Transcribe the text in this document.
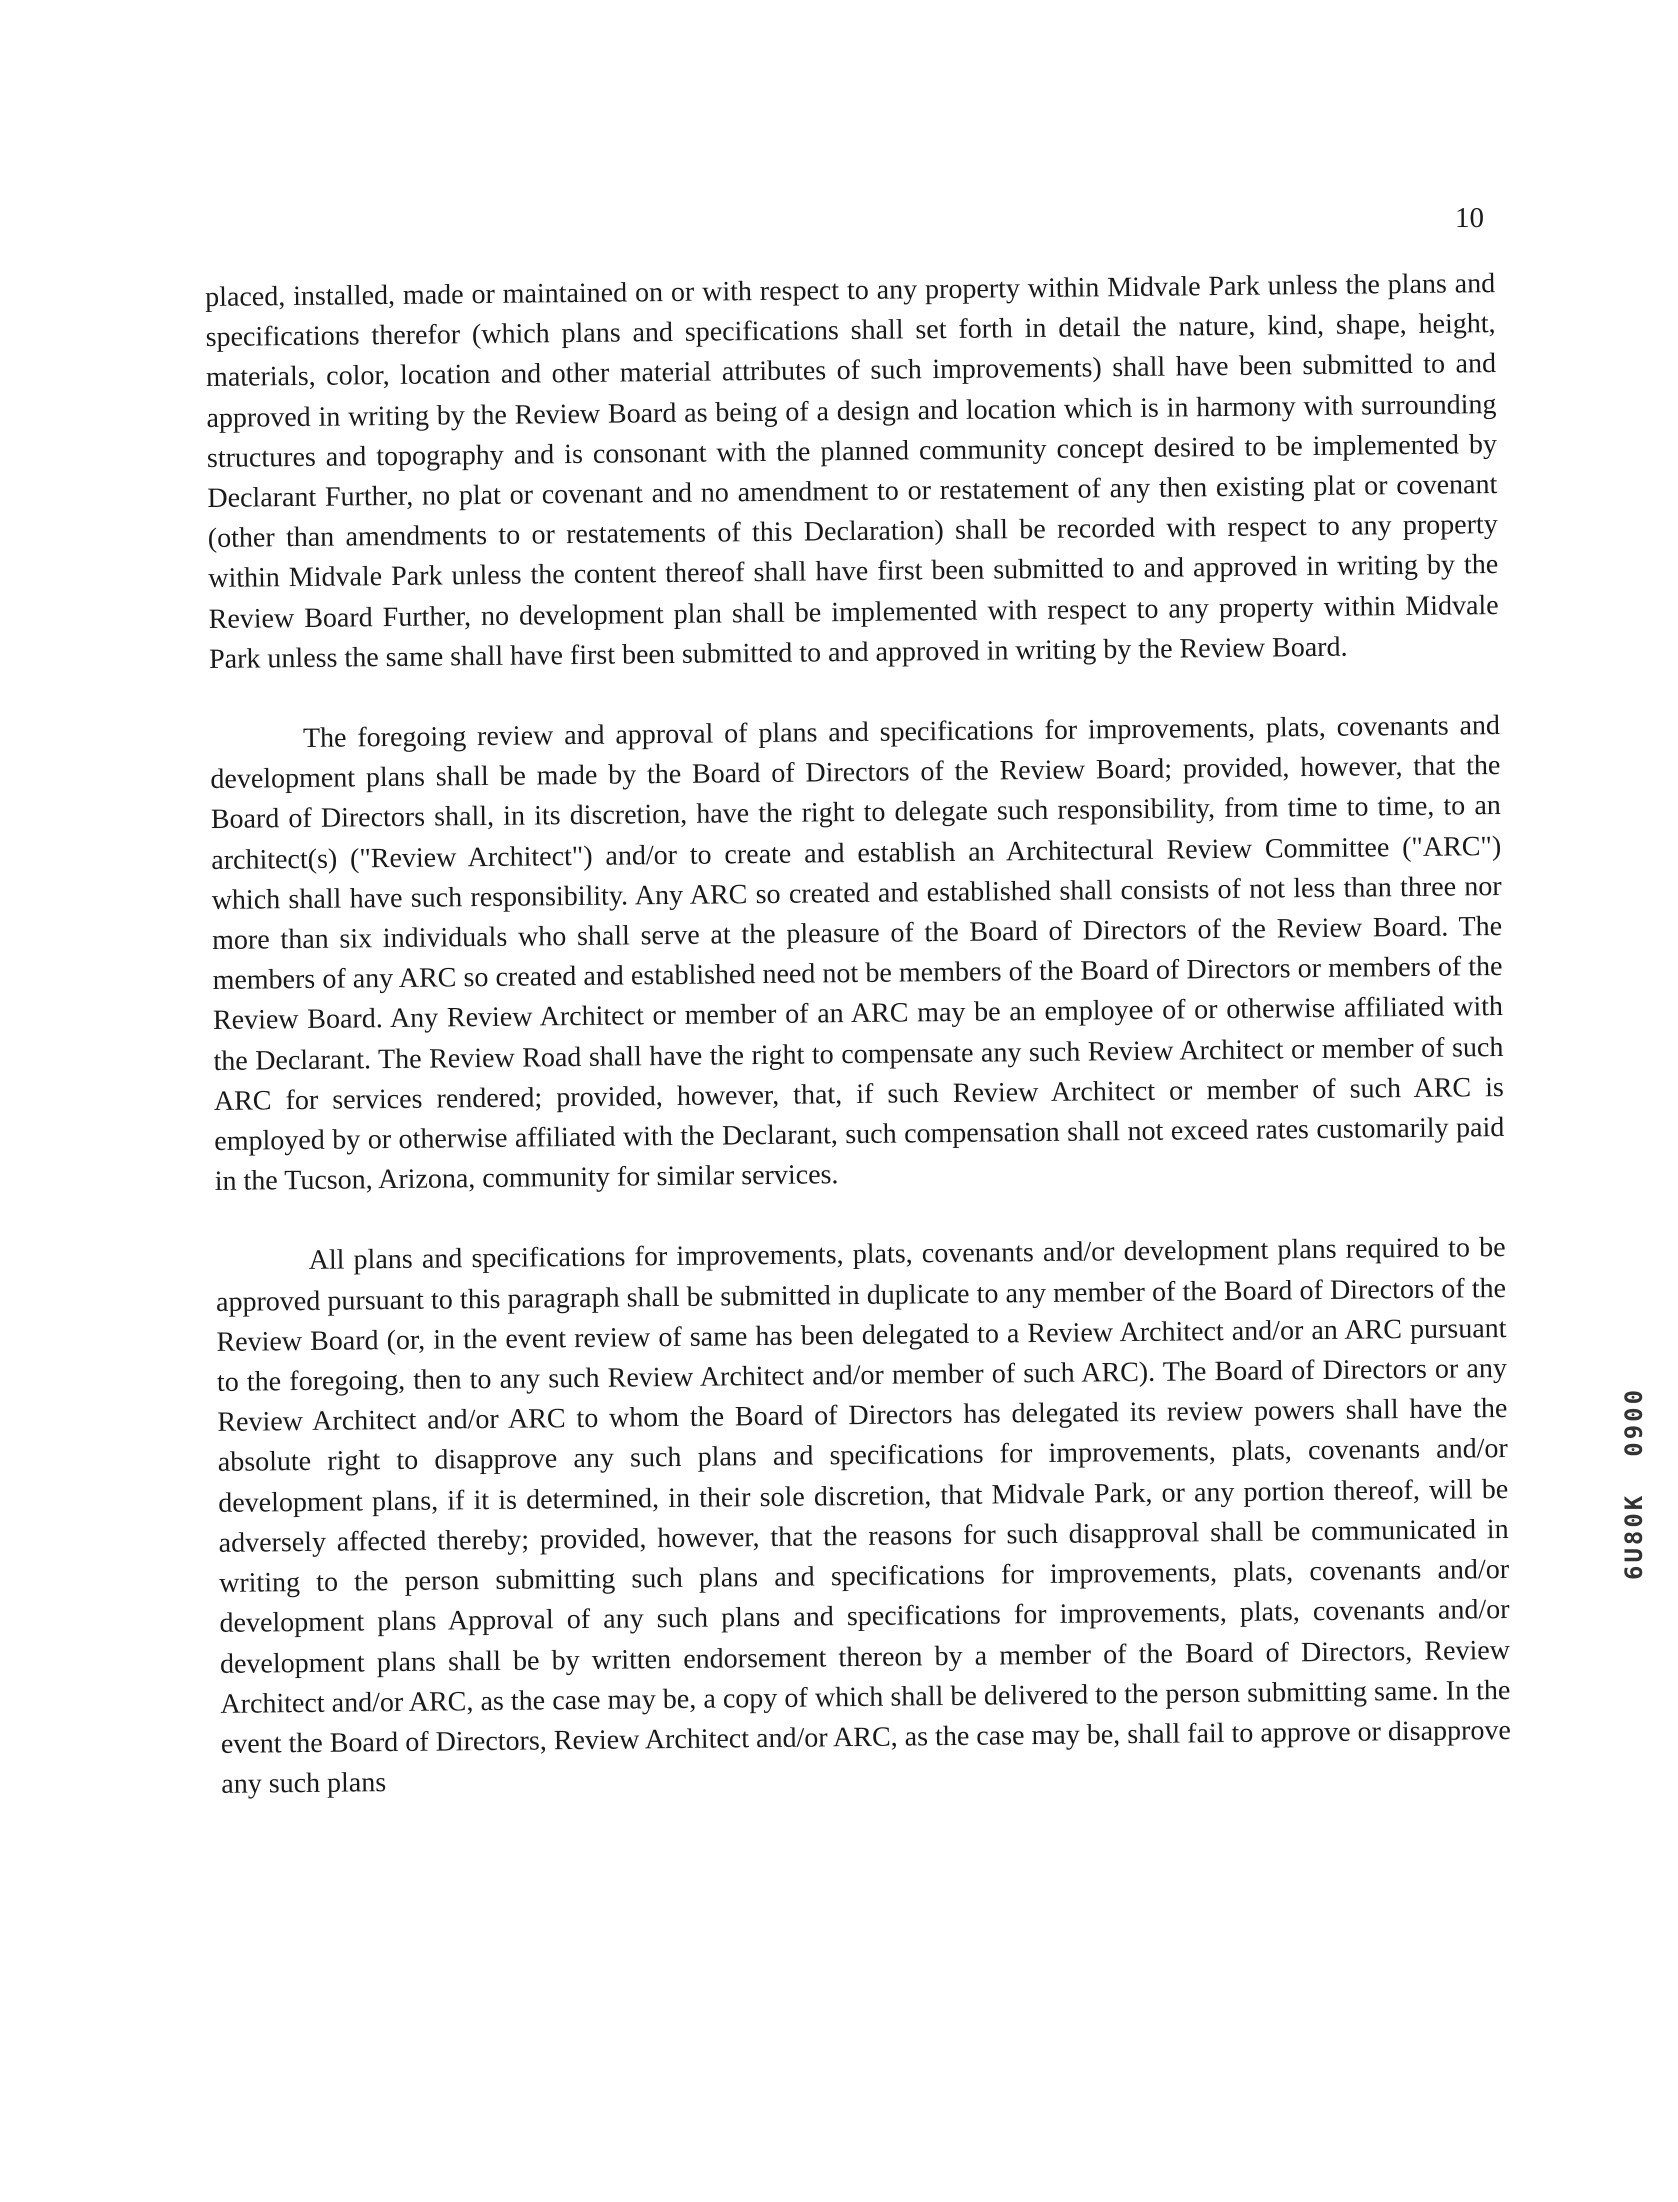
10

placed, installed, made or maintained on or with respect to any property within Midvale Park unless the plans and specifications therefor (which plans and specifications shall set forth in detail the nature, kind, shape, height, materials, color, location and other material attributes of such improvements) shall have been submitted to and approved in writing by the Review Board as being of a design and location which is in harmony with surrounding structures and topography and is consonant with the planned community concept desired to be implemented by Declarant Further, no plat or covenant and no amendment to or restatement of any then existing plat or covenant (other than amendments to or restatements of this Declaration) shall be recorded with respect to any property within Midvale Park unless the content thereof shall have first been submitted to and approved in writing by the Review Board Further, no development plan shall be implemented with respect to any property within Midvale Park unless the same shall have first been submitted to and approved in writing by the Review Board.

The foregoing review and approval of plans and specifications for improvements, plats, covenants and development plans shall be made by the Board of Directors of the Review Board; provided, however, that the Board of Directors shall, in its discretion, have the right to delegate such responsibility, from time to time, to an architect(s) ("Review Architect") and/or to create and establish an Architectural Review Committee ("ARC") which shall have such responsibility. Any ARC so created and established shall consists of not less than three nor more than six individuals who shall serve at the pleasure of the Board of Directors of the Review Board. The members of any ARC so created and established need not be members of the Board of Directors or members of the Review Board. Any Review Architect or member of an ARC may be an employee of or otherwise affiliated with the Declarant. The Review Road shall have the right to compensate any such Review Architect or member of such ARC for services rendered; provided, however, that, if such Review Architect or member of such ARC is employed by or otherwise affiliated with the Declarant, such compensation shall not exceed rates customarily paid in the Tucson, Arizona, community for similar services.

All plans and specifications for improvements, plats, covenants and/or development plans required to be approved pursuant to this paragraph shall be submitted in duplicate to any member of the Board of Directors of the Review Board (or, in the event review of same has been delegated to a Review Architect and/or an ARC pursuant to the foregoing, then to any such Review Architect and/or member of such ARC). The Board of Directors or any Review Architect and/or ARC to whom the Board of Directors has delegated its review powers shall have the absolute right to disapprove any such plans and specifications for improvements, plats, covenants and/or development plans, if it is determined, in their sole discretion, that Midvale Park, or any portion thereof, will be adversely affected thereby; provided, however, that the reasons for such disapproval shall be communicated in writing to the person submitting such plans and specifications for improvements, plats, covenants and/or development plans Approval of any such plans and specifications for improvements, plats, covenants and/or development plans shall be by written endorsement thereon by a member of the Board of Directors, Review Architect and/or ARC, as the case may be, a copy of which shall be delivered to the person submitting same. In the event the Board of Directors, Review Architect and/or ARC, as the case may be, shall fail to approve or disapprove any such plans

6U80K0900
